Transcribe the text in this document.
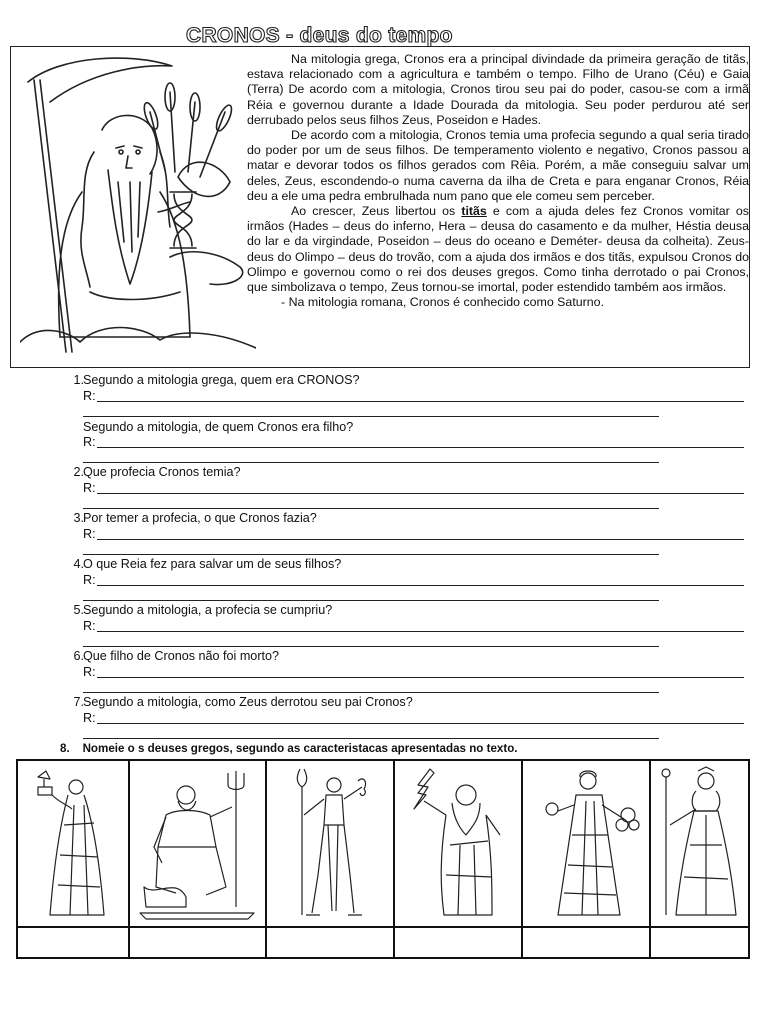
CRONOS - deus do tempo

Na mitologia grega, Cronos era a principal divindade da primeira geração de titãs, estava relacionado com a agricultura e também o tempo. Filho de Urano (Céu) e Gaia (Terra) De acordo com a mitologia, Cronos tirou seu pai do poder, casou-se com a irmã Réia e governou durante a Idade Dourada da mitologia. Seu poder perdurou até ser derrubado pelos seus filhos Zeus, Poseidon e Hades.

De acordo com a mitologia, Cronos temia uma profecia segundo a qual seria tirado do poder por um de seus filhos. De temperamento violento e negativo, Cronos passou a matar e devorar todos os filhos gerados com Rêia. Porém, a mãe conseguiu salvar um deles, Zeus, escondendo-o numa caverna da ilha de Creta e para enganar Cronos, Réia deu a ele uma pedra embrulhada num pano que ele comeu sem perceber.

Ao crescer, Zeus libertou os titãs e com a ajuda deles fez Cronos vomitar os irmãos (Hades – deus do inferno, Hera – deusa do casamento e da mulher, Héstia deusa do lar e da virgindade, Poseidon – deus do oceano e Deméter- deusa da colheita). Zeus- deus do Olimpo – deus do trovão, com a ajuda dos irmãos e dos titãs, expulsou Cronos do Olimpo e governou como o rei dos deuses gregos. Como tinha derrotado o pai Cronos, que simbolizava o tempo, Zeus tornou-se imortal, poder estendido também aos irmãos.

- Na mitologia romana, Cronos é conhecido como Saturno.

1. Segundo a mitologia grega, quem era CRONOS?
R:
Segundo a mitologia, de quem Cronos era filho?
R:
2. Que profecia Cronos temia?
R:
3. Por temer a profecia, o que Cronos fazia?
R:
4. O que Reia fez para salvar um de seus filhos?
R:
5. Segundo a mitologia, a profecia se cumpriu?
R:
6. Que filho de Cronos não foi morto?
R:
7. Segundo a mitologia, como Zeus derrotou seu pai Cronos?
R:
8. Nomeie o s deuses gregos, segundo as caracteristacas apresentadas no texto.
